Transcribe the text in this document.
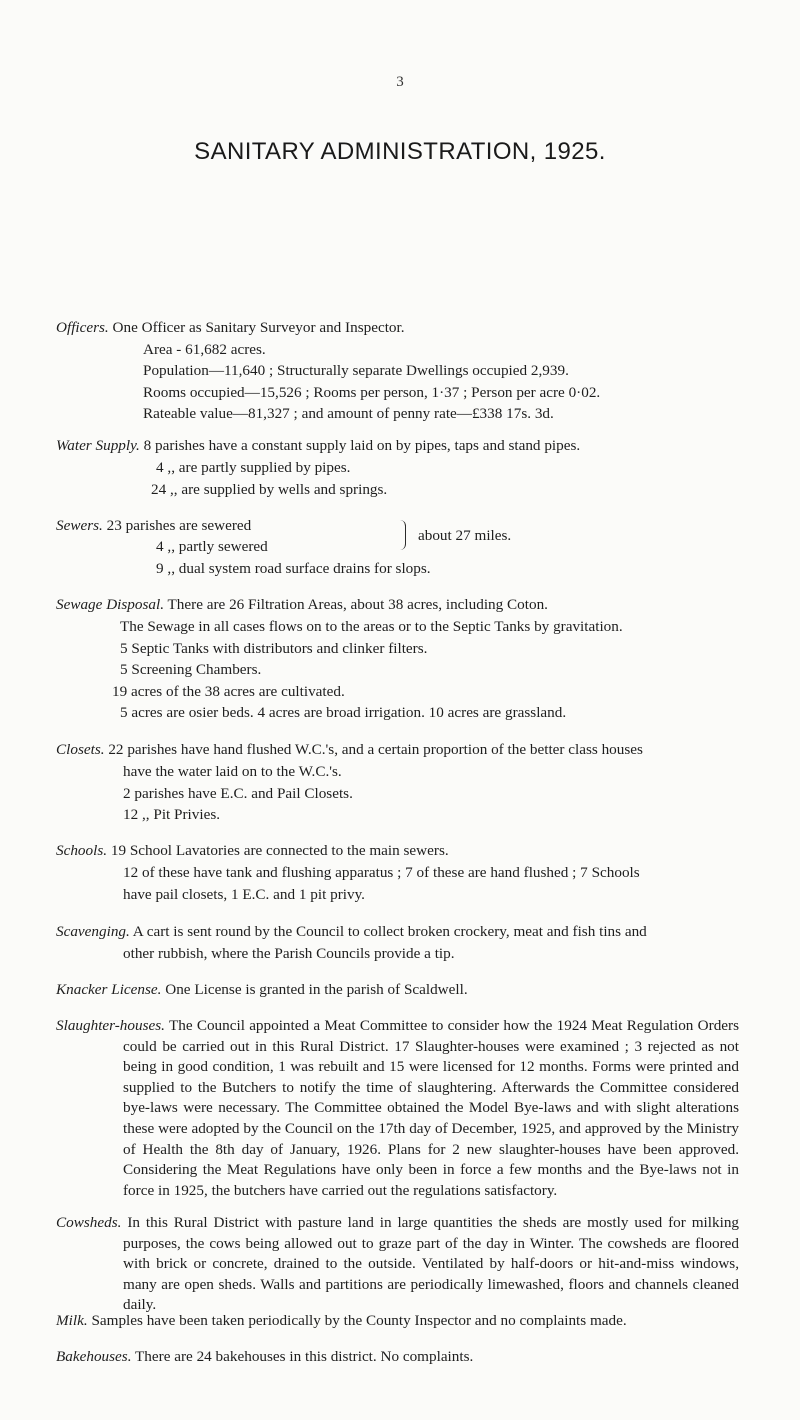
3
SANITARY ADMINISTRATION, 1925.
Officers. One Officer as Sanitary Surveyor and Inspector.
Area - 61,682 acres.
Population—11,640 ; Structurally separate Dwellings occupied 2,939.
Rooms occupied—15,526 ; Rooms per person, 1·37 ; Person per acre 0·02.
Rateable value—81,327 ; and amount of penny rate—£338 17s. 3d.
Water Supply. 8 parishes have a constant supply laid on by pipes, taps and stand pipes.
4 ,, are partly supplied by pipes.
24 ,, are supplied by wells and springs.
Sewers. 23 parishes are sewered
4 ,, partly sewered
about 27 miles.
9 ,, dual system road surface drains for slops.
Sewage Disposal. There are 26 Filtration Areas, about 38 acres, including Coton.
The Sewage in all cases flows on to the areas or to the Septic Tanks by gravitation.
5 Septic Tanks with distributors and clinker filters.
5 Screening Chambers.
19 acres of the 38 acres are cultivated.
5 acres are osier beds. 4 acres are broad irrigation. 10 acres are grassland.
Closets. 22 parishes have hand flushed W.C.'s, and a certain proportion of the better class houses
have the water laid on to the W.C.'s.
2 parishes have E.C. and Pail Closets.
12 ,, Pit Privies.
Schools. 19 School Lavatories are connected to the main sewers.
12 of these have tank and flushing apparatus ; 7 of these are hand flushed ; 7 Schools
have pail closets, 1 E.C. and 1 pit privy.
Scavenging. A cart is sent round by the Council to collect broken crockery, meat and fish tins and
other rubbish, where the Parish Councils provide a tip.
Knacker License. One License is granted in the parish of Scaldwell.
Slaughter-houses. The Council appointed a Meat Committee to consider how the 1924 Meat Regulation Orders could be carried out in this Rural District. 17 Slaughter-houses were examined ; 3 rejected as not being in good condition, 1 was rebuilt and 15 were licensed for 12 months. Forms were printed and supplied to the Butchers to notify the time of slaughtering. Afterwards the Committee considered bye-laws were necessary. The Committee obtained the Model Bye-laws and with slight alterations these were adopted by the Council on the 17th day of December, 1925, and approved by the Ministry of Health the 8th day of January, 1926. Plans for 2 new slaughter-houses have been approved. Considering the Meat Regulations have only been in force a few months and the Bye-laws not in force in 1925, the butchers have carried out the regulations satisfactory.
Cowsheds. In this Rural District with pasture land in large quantities the sheds are mostly used for milking purposes, the cows being allowed out to graze part of the day in Winter. The cowsheds are floored with brick or concrete, drained to the outside. Ventilated by half-doors or hit-and-miss windows, many are open sheds. Walls and partitions are periodically limewashed, floors and channels cleaned daily.
Milk. Samples have been taken periodically by the County Inspector and no complaints made.
Bakehouses. There are 24 bakehouses in this district. No complaints.
